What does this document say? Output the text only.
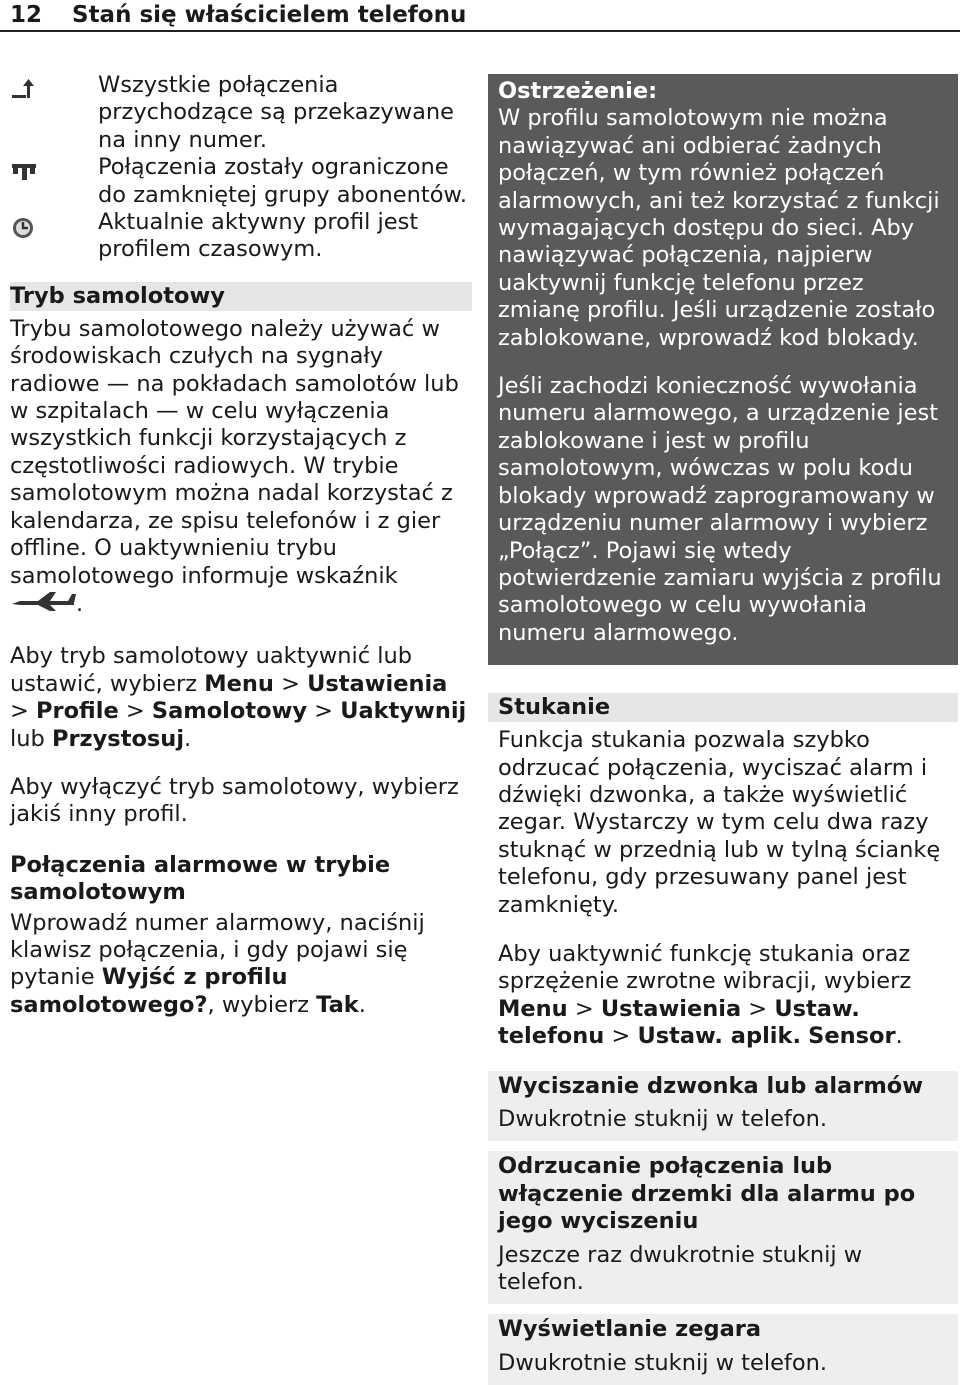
12 Stań się właścicielem telefonu

Wszystkie połączenia przychodzące są przekazywane na inny numer.

Połączenia zostały ograniczone do zamkniętej grupy abonentów.

Aktualnie aktywny profil jest profilem czasowym.

Tryb samolotowy

Trybu samolotowego należy używać w środowiskach czułych na sygnały radiowe — na pokładach samolotów lub w szpitalach — w celu wyłączenia wszystkich funkcji korzystających z częstotliwości radiowych. W trybie samolotowym można nadal korzystać z kalendarza, ze spisu telefonów i z gier offline. O uaktywnieniu trybu samolotowego informuje wskaźnik
.

Aby tryb samolotowy uaktywnić lub ustawić, wybierz Menu > Ustawienia > Profile > Samolotowy > Uaktywnij lub Przystosuj.

Aby wyłączyć tryb samolotowy, wybierz jakiś inny profil.

Połączenia alarmowe w trybie samolotowym

Wprowadź numer alarmowy, naciśnij klawisz połączenia, i gdy pojawi się pytanie Wyjść z profilu samolotowego?, wybierz Tak.

Ostrzeżenie:

W profilu samolotowym nie można nawiązywać ani odbierać żadnych połączeń, w tym również połączeń alarmowych, ani też korzystać z funkcji wymagających dostępu do sieci. Aby nawiązywać połączenia, najpierw uaktywnij funkcję telefonu przez zmianę profilu. Jeśli urządzenie zostało zablokowane, wprowadź kod blokady.

Jeśli zachodzi konieczność wywołania numeru alarmowego, a urządzenie jest zablokowane i jest w profilu samolotowym, wówczas w polu kodu blokady wprowadź zaprogramowany w urządzeniu numer alarmowy i wybierz „Połącz”. Pojawi się wtedy potwierdzenie zamiaru wyjścia z profilu samolotowego w celu wywołania numeru alarmowego.

Stukanie

Funkcja stukania pozwala szybko odrzucać połączenia, wyciszać alarm i dźwięki dzwonka, a także wyświetlić zegar. Wystarczy w tym celu dwa razy stuknąć w przednią lub w tylną ściankę telefonu, gdy przesuwany panel jest zamknięty.

Aby uaktywnić funkcję stukania oraz sprzężenie zwrotne wibracji, wybierz Menu > Ustawienia > Ustaw. telefonu > Ustaw. aplik. Sensor.

Wyciszanie dzwonka lub alarmów

Dwukrotnie stuknij w telefon.

Odrzucanie połączenia lub włączenie drzemki dla alarmu po jego wyciszeniu

Jeszcze raz dwukrotnie stuknij w telefon.

Wyświetlanie zegara

Dwukrotnie stuknij w telefon.
